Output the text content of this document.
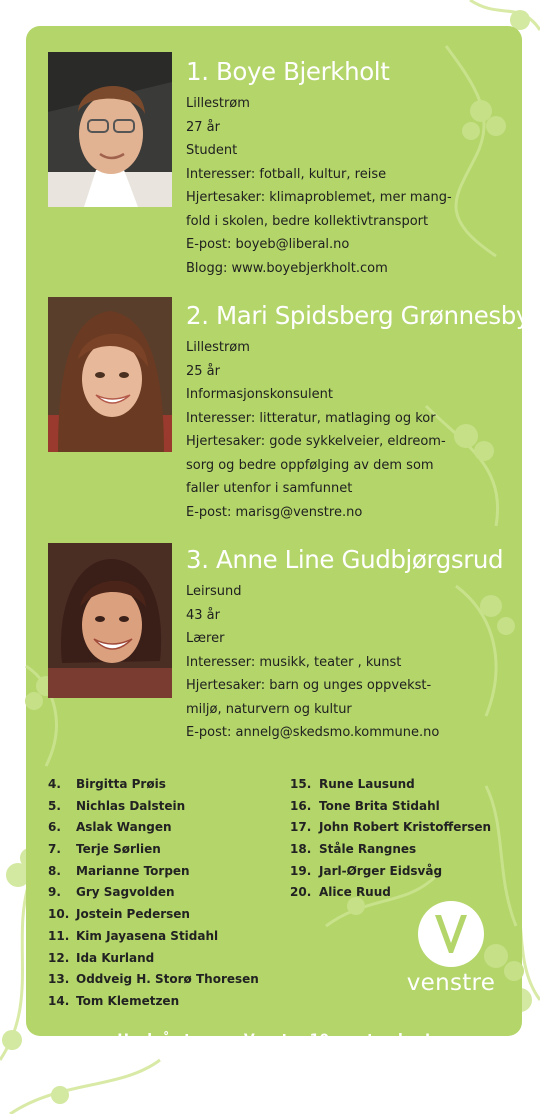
1. Boye Bjerkholt
Lillestrøm
27 år
Student
Interesser: fotball, kultur, reise
Hjertesaker: klimaproblemet, mer mang-
fold i skolen, bedre kollektivtransport
E-post: boyeb@liberal.no
Blogg: www.boyebjerkholt.com
2. Mari Spidsberg Grønnesby
Lillestrøm
25 år
Informasjonskonsulent
Interesser: litteratur, matlaging og kor
Hjertesaker: gode sykkelveier, eldreom-
sorg og bedre oppfølging av dem som
faller utenfor i samfunnet
E-post: marisg@venstre.no
3. Anne Line Gudbjørgsrud
Leirsund
43 år
Lærer
Interesser: musikk, teater , kunst
Hjertesaker: barn og unges oppvekst-
miljø, naturvern og kultur
E-post: annelg@skedsmo.kommune.no
4. Birgitta Prøis
5. Nichlas Dalstein
6. Aslak Wangen
7. Terje Sørlien
8. Marianne Torpen
9. Gry Sagvolden
10. Jostein Pedersen
11. Kim Jayasena Stidahl
12. Ida Kurland
13. Oddveig H. Storø Thoresen
14. Tom Klemetzen
15. Rune Lausund
16. Tone Brita Stidahl
17. John Robert Kristoffersen
18. Ståle Rangnes
19. Jarl-Ørger Eidsvåg
20. Alice Ruud
venstre
Husk å stemme Venstre 10. september!
skedsmo.venstre.no
